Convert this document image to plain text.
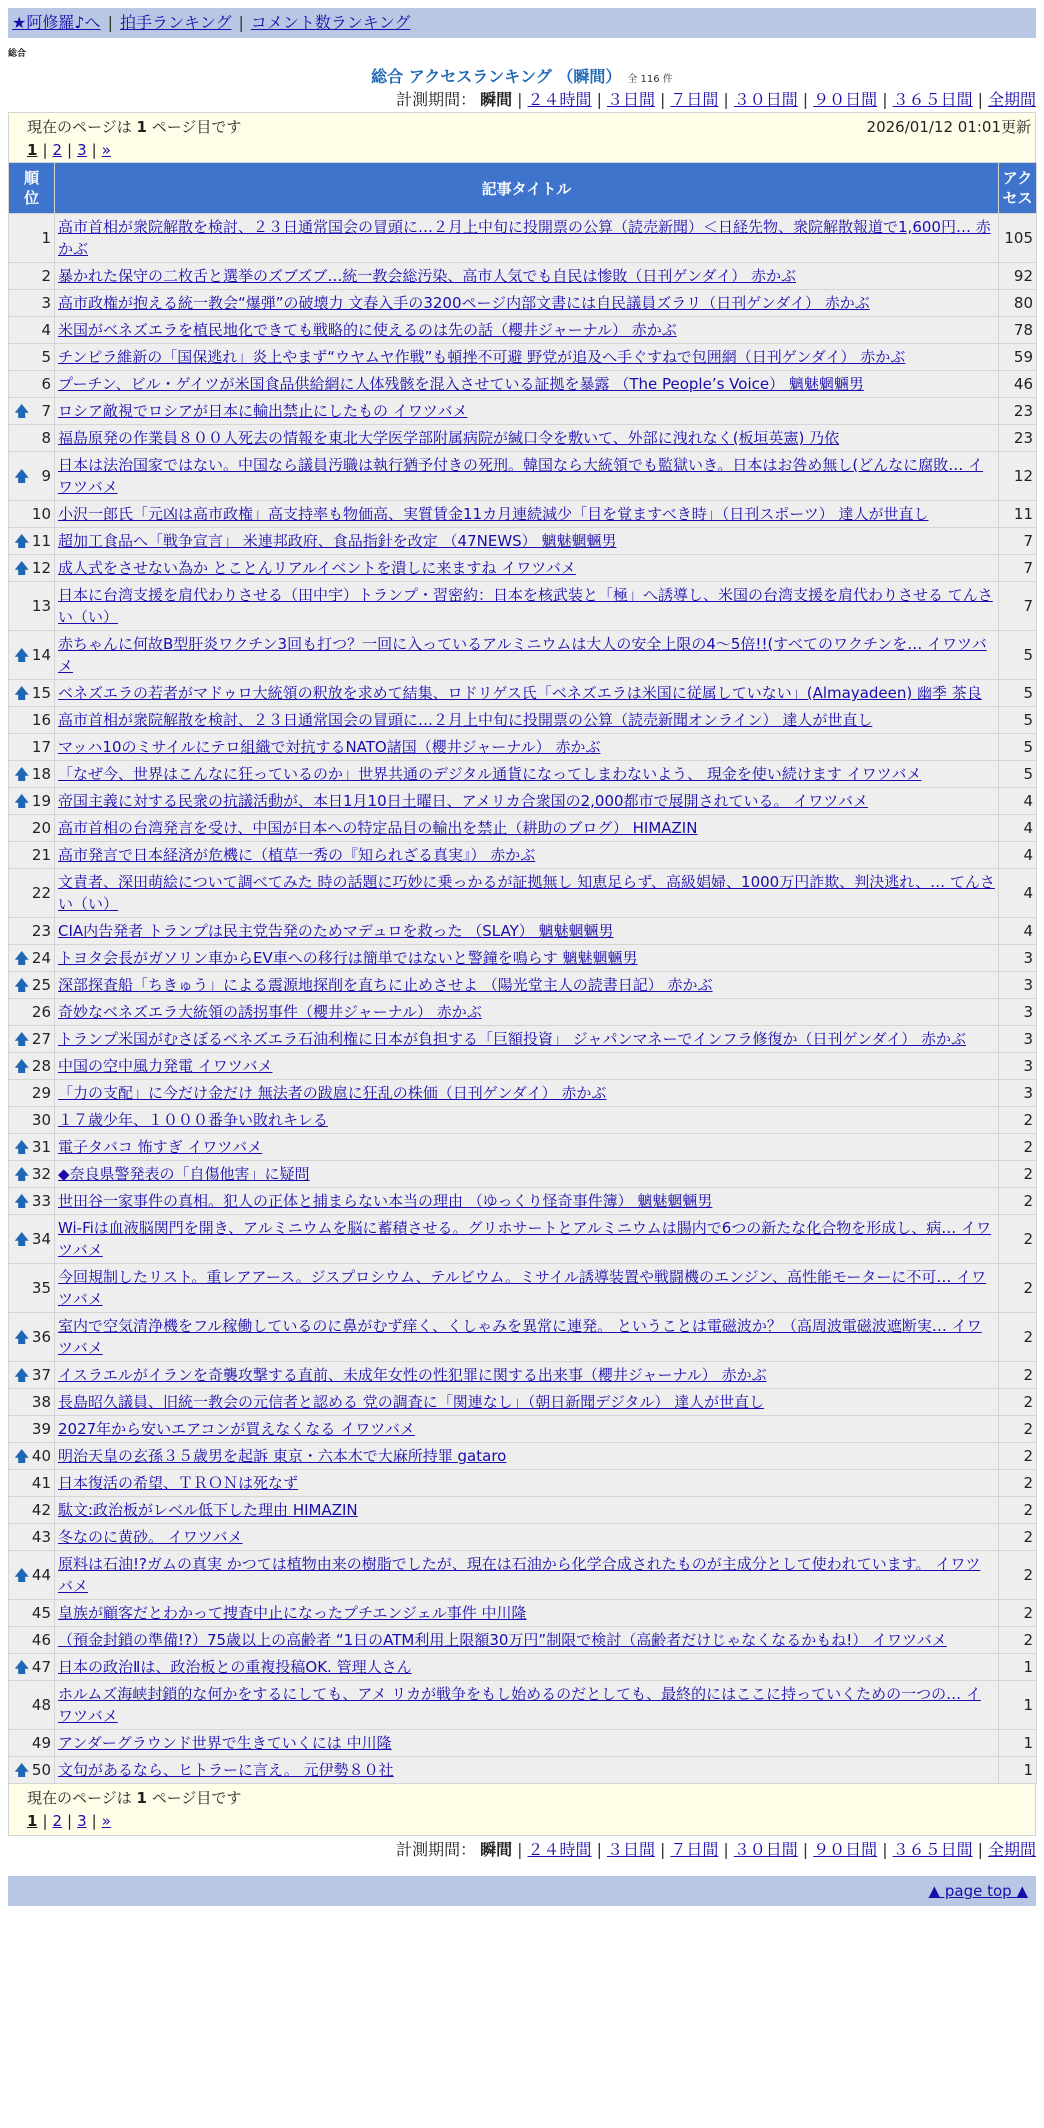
★阿修羅♪へ | 拍手ランキング | コメント数ランキング
総合
総合 アクセスランキング （瞬間） 全 116 件
計測期間： 瞬間 | ２４時間 | ３日間 | ７日間 | ３０日間 | ９０日間 | ３６５日間 | 全期間
現在のページは 1 ページ目です	2026/01/12 01:01更新
1 | 2 | 3 | »
順位	記事タイトル	アクセス
1	高市首相が衆院解散を検討、２３日通常国会の冒頭に…２月上中旬に投開票の公算（読売新聞）＜日経先物、衆院解散報道で1,600円… 赤かぶ	105
2	暴かれた保守の二枚舌と選挙のズブズブ…統一教会総汚染、高市人気でも自民は惨敗（日刊ゲンダイ） 赤かぶ	92
3	高市政権が抱える統一教会“爆弾”の破壊力 文春入手の3200ページ内部文書には自民議員ズラリ（日刊ゲンダイ） 赤かぶ	80
4	米国がベネズエラを植民地化できても戦略的に使えるのは先の話（櫻井ジャーナル） 赤かぶ	78
5	チンピラ維新の「国保逃れ」炎上やまず“ウヤムヤ作戦”も頓挫不可避 野党が追及へ手ぐすねで包囲網（日刊ゲンダイ） 赤かぶ	59
6	プーチン、ビル・ゲイツが米国食品供給網に人体残骸を混入させている証拠を暴露 （The People’s Voice） 魑魅魍魎男	46

🡅 7	ロシア敵視でロシアが日本に輸出禁止にしたもの イワツバメ	23
8	福島原発の作業員８００人死去の情報を東北大学医学部附属病院が緘口令を敷いて、外部に洩れなく(板垣英憲) 乃依	23

🡅 9	日本は法治国家ではない。中国なら議員汚職は執行猶予付きの死刑。韓国なら大統領でも監獄いき。日本はお咎め無し(どんなに腐敗… イワツバメ	12
10	小沢一郎氏「元凶は高市政権」高支持率も物価高、実質賃金11カ月連続減少「目を覚ますべき時」（日刊スポーツ） 達人が世直し	11

🡅 11	超加工食品へ「戦争宣言」 米連邦政府、食品指針を改定 （47NEWS） 魑魅魍魎男	7

🡅 12	成人式をさせない為か とことんリアルイベントを潰しに来ますね イワツバメ	7
13	日本に台湾支援を肩代わりさせる（田中宇）トランプ・習密約：日本を核武装と「極」へ誘導し、米国の台湾支援を肩代わりさせる てんさい（い）	7

🡅 14	赤ちゃんに何故B型肝炎ワクチン3回も打つ？一回に入っているアルミニウムは大人の安全上限の4〜5倍!!(すべてのワクチンを… イワツバメ	5

🡅 15	ベネズエラの若者がマドゥロ大統領の釈放を求めて結集、ロドリゲス氏「ベネズエラは米国に従属していない」(Almayadeen) 幽季 茶良	5
16	高市首相が衆院解散を検討、２３日通常国会の冒頭に…２月上中旬に投開票の公算（読売新聞オンライン） 達人が世直し	5
17	マッハ10のミサイルにテロ組織で対抗するNATO諸国（櫻井ジャーナル） 赤かぶ	5

🡅 18	「なぜ今、世界はこんなに狂っているのか」世界共通のデジタル通貨になってしまわないよう、 現金を使い続けます イワツバメ	5

🡅 19	帝国主義に対する民衆の抗議活動が、本日1月10日土曜日、アメリカ合衆国の2,000都市で展開されている。 イワツバメ	4
20	高市首相の台湾発言を受け、中国が日本への特定品目の輸出を禁止（耕助のブログ） HIMAZIN	4
21	高市発言で日本経済が危機に（植草一秀の『知られざる真実』） 赤かぶ	4
22	文責者、深田萌絵について調べてみた 時の話題に巧妙に乗っかるが証拠無し 知恵足らず、高級娼婦、1000万円詐欺、判決逃れ、… てんさい（い）	4
23	CIA内告発者 トランプは民主党告発のためマデュロを救った （SLAY） 魑魅魍魎男	4

🡅 24	トヨタ会長がガソリン車からEV車への移行は簡単ではないと警鐘を鳴らす 魑魅魍魎男	3

🡅 25	深部探査船「ちきゅう」による震源地探削を直ちに止めさせよ （陽光堂主人の読書日記） 赤かぶ	3
26	奇妙なベネズエラ大統領の誘拐事件（櫻井ジャーナル） 赤かぶ	3

🡅 27	トランプ米国がむさぼるベネズエラ石油利権に日本が負担する「巨額投資」 ジャパンマネーでインフラ修復か（日刊ゲンダイ） 赤かぶ	3

🡅 28	中国の空中風力発電 イワツバメ	3
29	「力の支配」に今だけ金だけ 無法者の跋扈に狂乱の株価（日刊ゲンダイ） 赤かぶ	3
30	１７歳少年、１０００番争い敗れキレる	2

🡅 31	電子タバコ 怖すぎ イワツバメ	2

🡅 32	◆奈良県警発表の「自傷他害」に疑問	2

🡅 33	世田谷一家事件の真相。犯人の正体と捕まらない本当の理由 （ゆっくり怪奇事件簿） 魑魅魍魎男	2

🡅 34	Wi-Fiは血液脳関門を開き、アルミニウムを脳に蓄積させる。グリホサートとアルミニウムは腸内で6つの新たな化合物を形成し、病… イワツバメ	2
35	今回規制したリスト。重レアアース。ジスプロシウム、テルビウム。ミサイル誘導装置や戦闘機のエンジン、高性能モーターに不可… イワツバメ	2

🡅 36	室内で空気清浄機をフル稼働しているのに鼻がむず痒く、くしゃみを異常に連発。 ということは電磁波か？（高周波電磁波遮断実… イワツバメ	2

🡅 37	イスラエルがイランを奇襲攻撃する直前、未成年女性の性犯罪に関する出来事（櫻井ジャーナル） 赤かぶ	2
38	長島昭久議員、旧統一教会の元信者と認める 党の調査に「関連なし」（朝日新聞デジタル） 達人が世直し	2
39	2027年から安いエアコンが買えなくなる イワツバメ	2

🡅 40	明治天皇の玄孫３５歳男を起訴 東京・六本木で大麻所持罪 gataro	2
41	日本復活の希望、ＴＲＯＮは死なず	2
42	駄文:政治板がレベル低下した理由 HIMAZIN	2
43	冬なのに黄砂。 イワツバメ	2

🡅 44	原料は石油!?ガムの真実 かつては植物由来の樹脂でしたが、現在は石油から化学合成されたものが主成分として使われています。 イワツバメ	2
45	皇族が顧客だとわかって捜査中止になったプチエンジェル事件 中川隆	2
46	（預金封鎖の準備!?）75歳以上の高齢者 “1日のATM利用上限額30万円”制限で検討（高齢者だけじゃなくなるかもね!） イワツバメ	2

🡅 47	日本の政治Ⅱは、政治板との重複投稿OK. 管理人さん	1
48	ホルムズ海峡封鎖的な何かをするにしても、アメ リカが戦争をもし始めるのだとしても、最終的にはここに持っていくための一つの… イワツバメ	1
49	アンダーグラウンド世界で生きていくには 中川隆	1

🡅 50	文句があるなら、ヒトラーに言え。 元伊勢８０社	1
現在のページは 1 ページ目です
1 | 2 | 3 | »
計測期間： 瞬間 | ２４時間 | ３日間 | ７日間 | ３０日間 | ９０日間 | ３６５日間 | 全期間
▲ page top ▲
